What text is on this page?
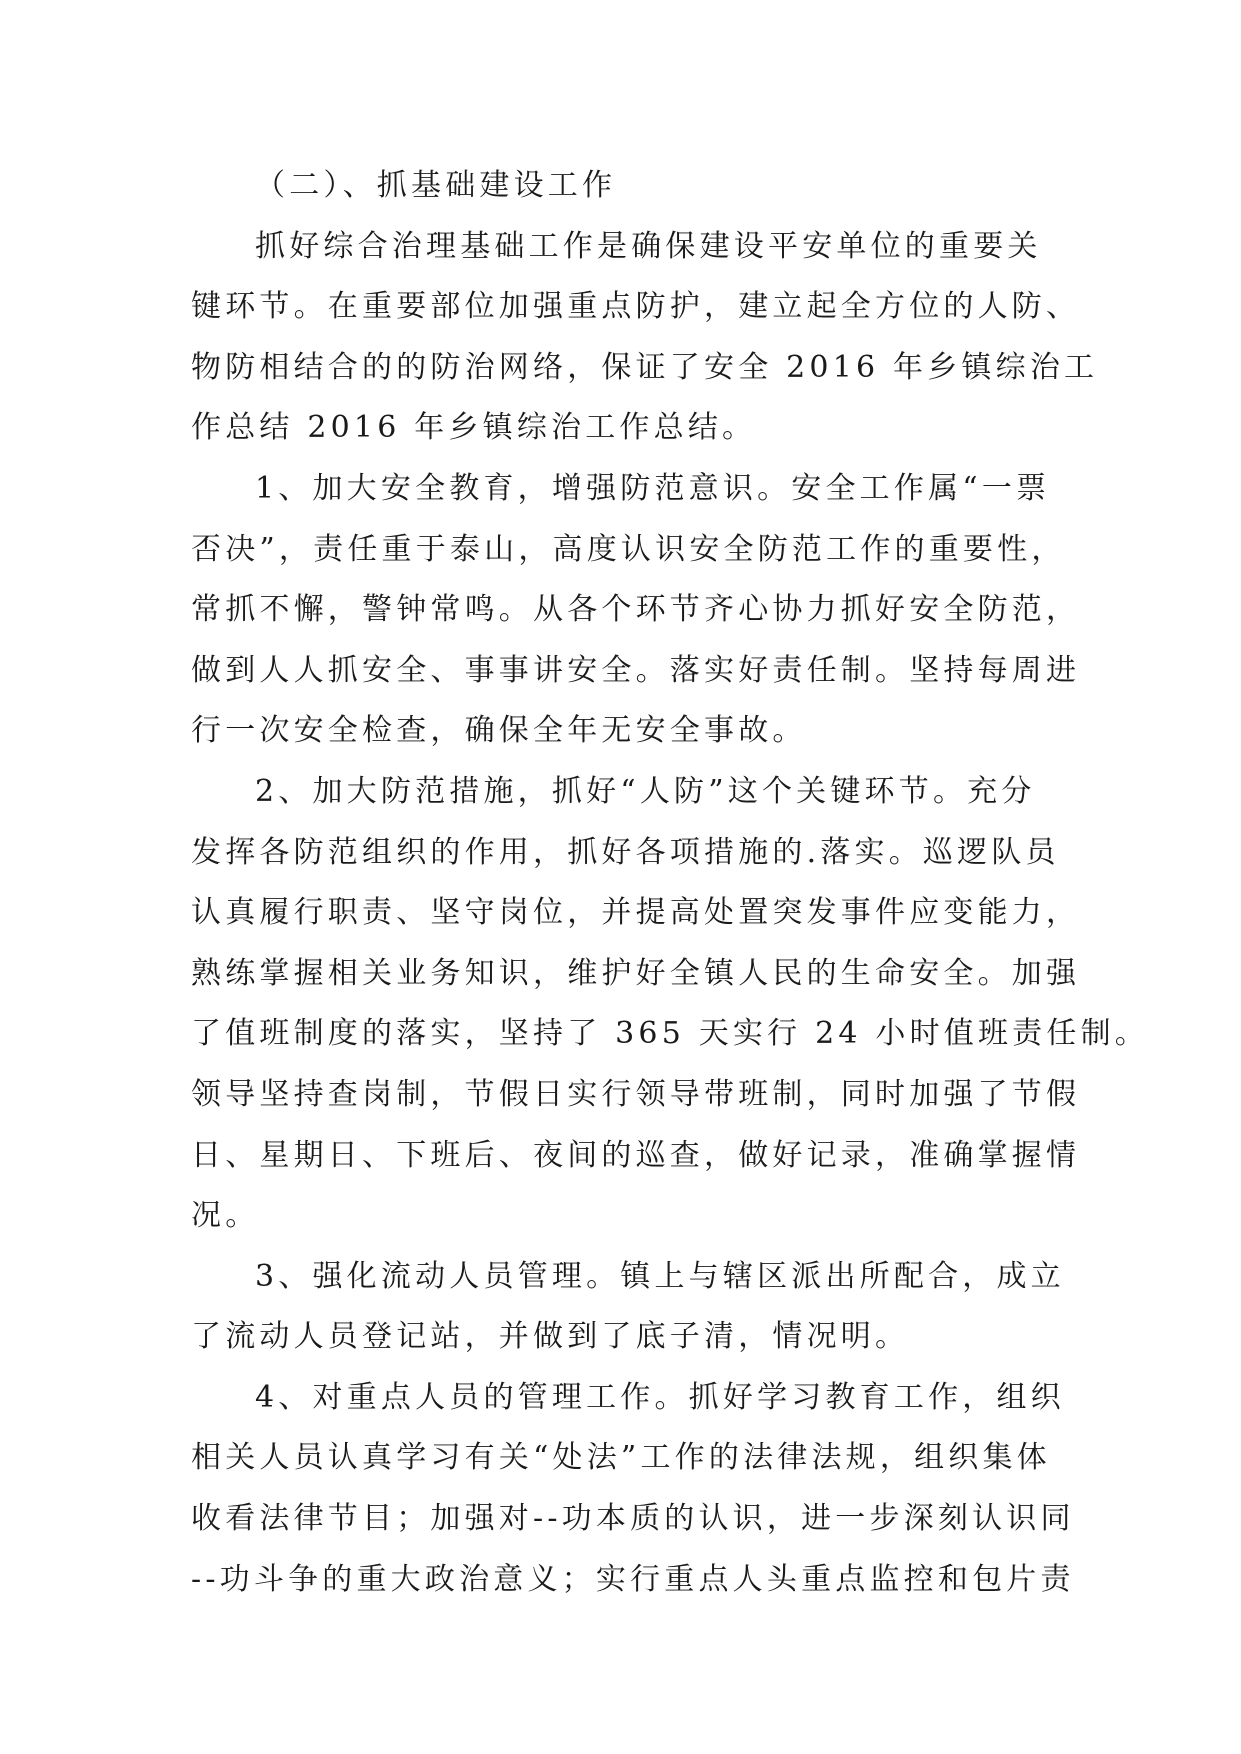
（二）、抓基础建设工作
抓好综合治理基础工作是确保建设平安单位的重要关
键环节。在重要部位加强重点防护，建立起全方位的人防、
物防相结合的的防治网络，保证了安全 2016 年乡镇综治工
作总结 2016 年乡镇综治工作总结。
1、加大安全教育，增强防范意识。安全工作属“一票
否决”，责任重于泰山，高度认识安全防范工作的重要性，
常抓不懈，警钟常鸣。从各个环节齐心协力抓好安全防范，
做到人人抓安全、事事讲安全。落实好责任制。坚持每周进
行一次安全检查，确保全年无安全事故。
2、加大防范措施，抓好“人防”这个关键环节。充分
发挥各防范组织的作用，抓好各项措施的.落实。巡逻队员
认真履行职责、坚守岗位，并提高处置突发事件应变能力，
熟练掌握相关业务知识，维护好全镇人民的生命安全。加强
了值班制度的落实，坚持了 365 天实行 24 小时值班责任制。
领导坚持查岗制，节假日实行领导带班制，同时加强了节假
日、星期日、下班后、夜间的巡查，做好记录，准确掌握情
况。
3、强化流动人员管理。镇上与辖区派出所配合，成立
了流动人员登记站，并做到了底子清，情况明。
4、对重点人员的管理工作。抓好学习教育工作，组织
相关人员认真学习有关“处法”工作的法律法规，组织集体
收看法律节目；加强对--功本质的认识，进一步深刻认识同
--功斗争的重大政治意义；实行重点人头重点监控和包片责
